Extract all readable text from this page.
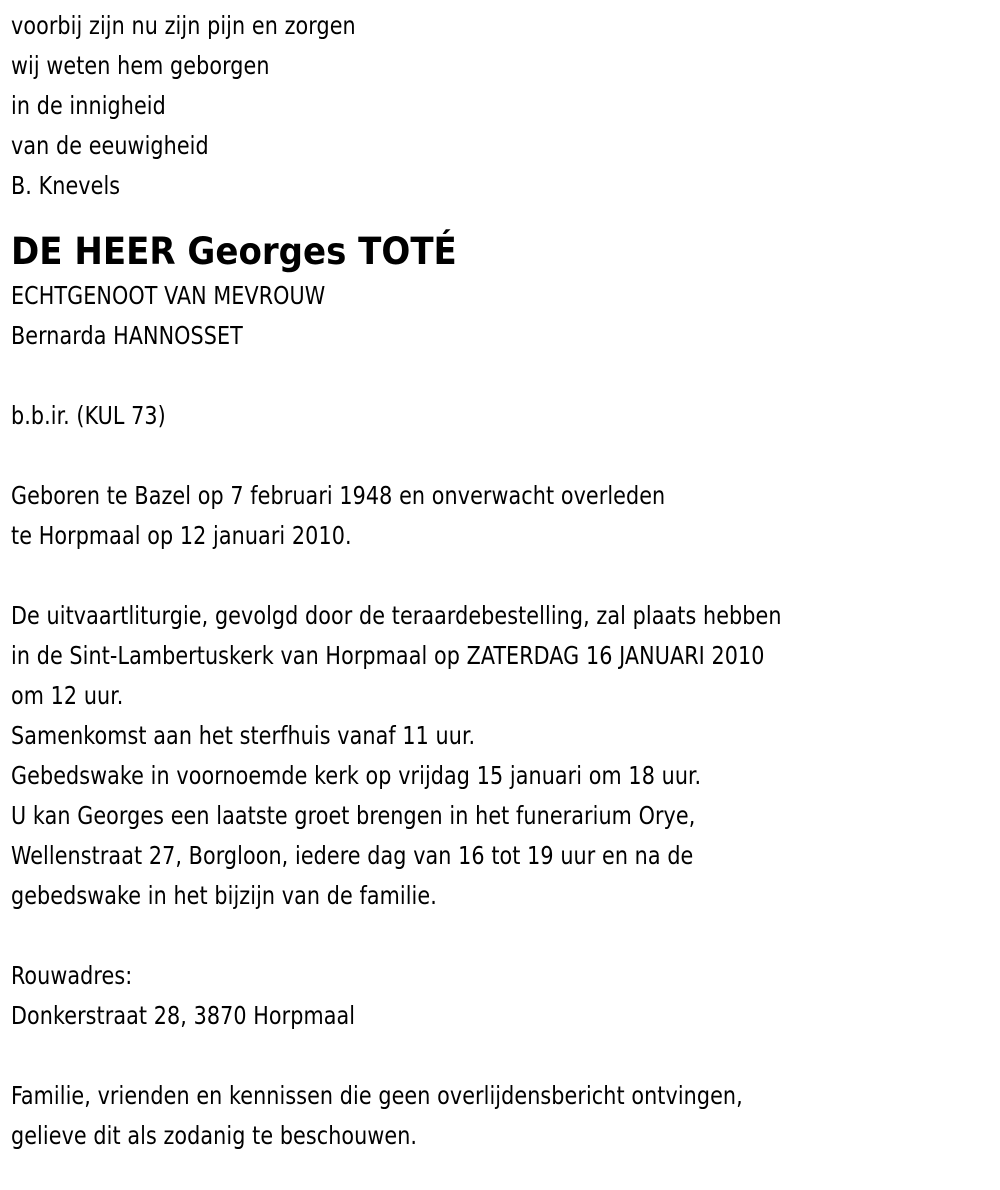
voorbij zijn nu zijn pijn en zorgen
wij weten hem geborgen
in de innigheid
van de eeuwigheid
B. Knevels
DE HEER Georges TOTÉ
ECHTGENOOT VAN MEVROUW
Bernarda HANNOSSET
b.b.ir. (KUL 73)
Geboren te Bazel op 7 februari 1948 en onverwacht overleden
te Horpmaal op 12 januari 2010.
De uitvaartliturgie, gevolgd door de teraardebestelling, zal plaats hebben
in de Sint-Lambertuskerk van Horpmaal op ZATERDAG 16 JANUARI 2010
om 12 uur.
Samenkomst aan het sterfhuis vanaf 11 uur.
Gebedswake in voornoemde kerk op vrijdag 15 januari om 18 uur.
U kan Georges een laatste groet brengen in het funerarium Orye,
Wellenstraat 27, Borgloon, iedere dag van 16 tot 19 uur en na de
gebedswake in het bijzijn van de familie.
Rouwadres:
Donkerstraat 28, 3870 Horpmaal
Familie, vrienden en kennissen die geen overlijdensbericht ontvingen,
gelieve dit als zodanig te beschouwen.
